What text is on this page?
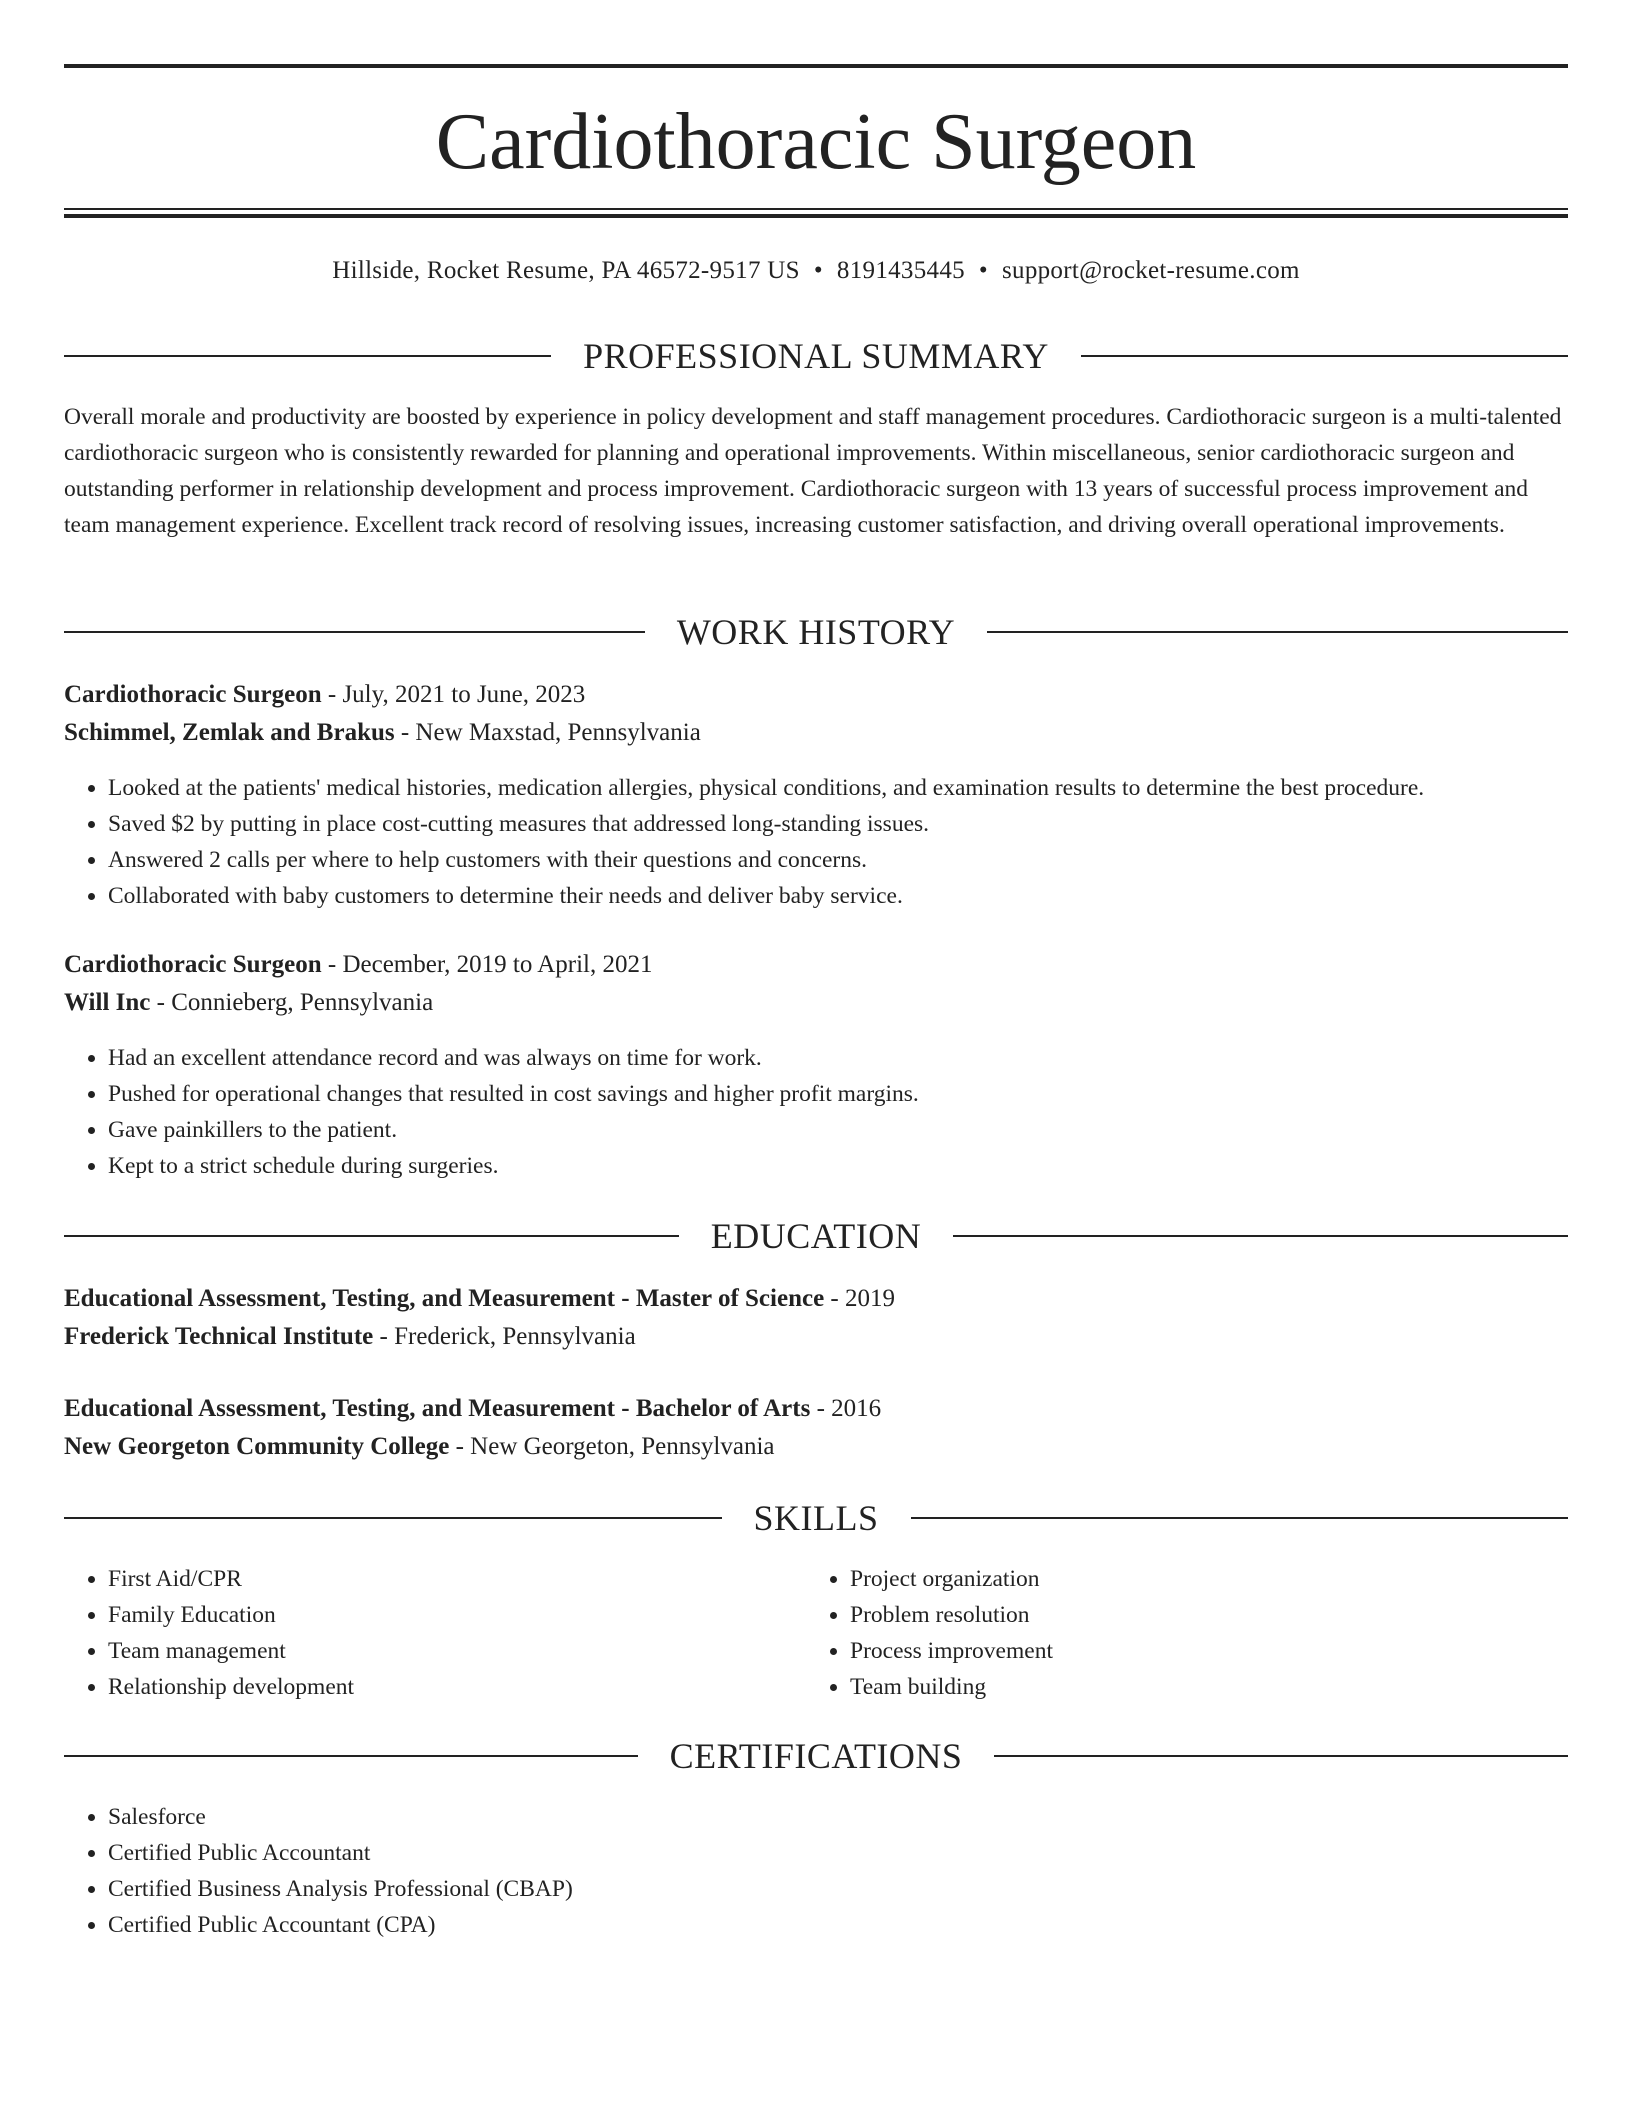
Cardiothoracic Surgeon
Hillside, Rocket Resume, PA 46572-9517 US • 8191435445 • support@rocket-resume.com
PROFESSIONAL SUMMARY

Overall morale and productivity are boosted by experience in policy development and staff management procedures. Cardiothoracic surgeon is a multi-talented cardiothoracic surgeon who is consistently rewarded for planning and operational improvements. Within miscellaneous, senior cardiothoracic surgeon and outstanding performer in relationship development and process improvement. Cardiothoracic surgeon with 13 years of successful process improvement and team management experience. Excellent track record of resolving issues, increasing customer satisfaction, and driving overall operational improvements.

WORK HISTORY
Cardiothoracic Surgeon - July, 2021 to June, 2023
Schimmel, Zemlak and Brakus - New Maxstad, Pennsylvania
• Looked at the patients' medical histories, medication allergies, physical conditions, and examination results to determine the best procedure.
• Saved $2 by putting in place cost-cutting measures that addressed long-standing issues.
• Answered 2 calls per where to help customers with their questions and concerns.
• Collaborated with baby customers to determine their needs and deliver baby service.
Cardiothoracic Surgeon - December, 2019 to April, 2021
Will Inc - Connieberg, Pennsylvania
• Had an excellent attendance record and was always on time for work.
• Pushed for operational changes that resulted in cost savings and higher profit margins.
• Gave painkillers to the patient.
• Kept to a strict schedule during surgeries.
EDUCATION
Educational Assessment, Testing, and Measurement - Master of Science - 2019
Frederick Technical Institute - Frederick, Pennsylvania
Educational Assessment, Testing, and Measurement - Bachelor of Arts - 2016
New Georgeton Community College - New Georgeton, Pennsylvania
SKILLS
• First Aid/CPR
• Family Education
• Team management
• Relationship development
• Project organization
• Problem resolution
• Process improvement
• Team building
CERTIFICATIONS
• Salesforce
• Certified Public Accountant
• Certified Business Analysis Professional (CBAP)
• Certified Public Accountant (CPA)
